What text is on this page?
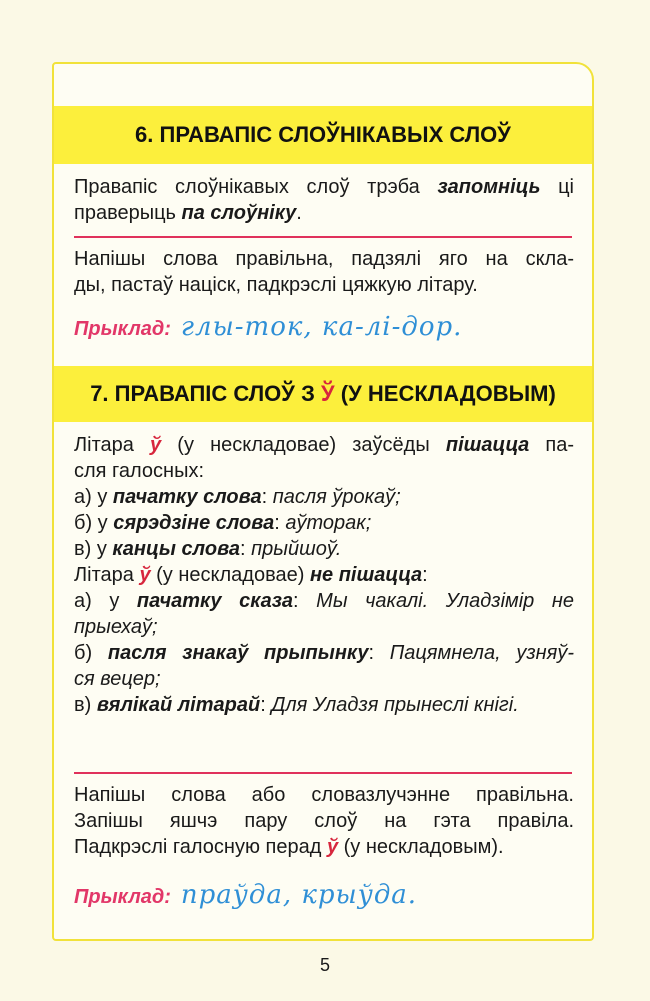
6. ПРАВАПІС СЛОЎНІКАВЫХ СЛОЎ
Правапіс слоўнікавых слоў трэба запомніць ці
праверыць па слоўніку.
Напішы слова правільна, падзялі яго на скла-
ды, пастаў націск, падкрэслі цяжкую літару.
Прыклад: глы-ток, ка-лі-дор.
7. ПРАВАПІС СЛОЎ З Ў (У НЕСКЛАДОВЫМ)
Літара ў (у нескладовае) заўсёды пішацца па-
сля галосных:
а) у пачатку слова: пасля ўрокаў;
б) у сярэдзіне слова: аўторак;
в) у канцы слова: прыйшоў.
Літара ў (у нескладовае) не пішацца:
а) у пачатку сказа: Мы чакалі. Уладзімір не
прыехаў;
б) пасля знакаў прыпынку: Пацямнела, узняў-
ся вецер;
в) вялікай літарай: Для Уладзя прынеслі кнігі.
Напішы слова або словазлучэнне правільна.
Запішы яшчэ пару слоў на гэта правіла.
Падкрэслі галосную перад ў (у нескладовым).
Прыклад: праўда, крыўда.
5
